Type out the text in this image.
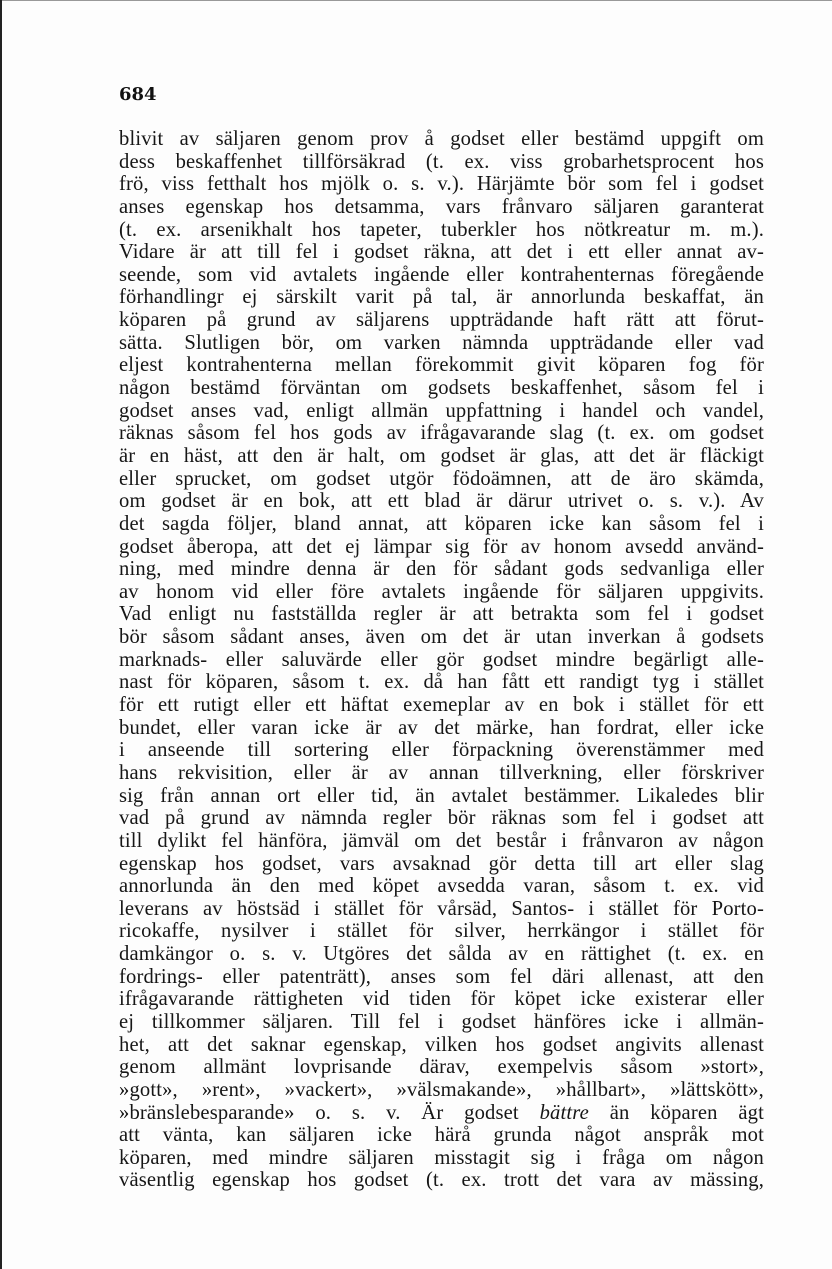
684
blivit av säljaren genom prov å godset eller bestämd uppgift om
dess beskaffenhet tillförsäkrad (t. ex. viss grobarhetsprocent hos
frö, viss fetthalt hos mjölk o. s. v.). Härjämte bör som fel i godset
anses egenskap hos detsamma, vars frånvaro säljaren garanterat
(t. ex. arsenikhalt hos tapeter, tuberkler hos nötkreatur m. m.).
Vidare är att till fel i godset räkna, att det i ett eller annat av-
seende, som vid avtalets ingående eller kontrahenternas föregående
förhandlingr ej särskilt varit på tal, är annorlunda beskaffat, än
köparen på grund av säljarens uppträdande haft rätt att förut-
sätta. Slutligen bör, om varken nämnda uppträdande eller vad
eljest kontrahenterna mellan förekommit givit köparen fog för
någon bestämd förväntan om godsets beskaffenhet, såsom fel i
godset anses vad, enligt allmän uppfattning i handel och vandel,
räknas såsom fel hos gods av ifrågavarande slag (t. ex. om godset
är en häst, att den är halt, om godset är glas, att det är fläckigt
eller sprucket, om godset utgör födoämnen, att de äro skämda,
om godset är en bok, att ett blad är därur utrivet o. s. v.). Av
det sagda följer, bland annat, att köparen icke kan såsom fel i
godset åberopa, att det ej lämpar sig för av honom avsedd använd-
ning, med mindre denna är den för sådant gods sedvanliga eller
av honom vid eller före avtalets ingående för säljaren uppgivits.
Vad enligt nu fastställda regler är att betrakta som fel i godset
bör såsom sådant anses, även om det är utan inverkan å godsets
marknads- eller saluvärde eller gör godset mindre begärligt alle-
nast för köparen, såsom t. ex. då han fått ett randigt tyg i stället
för ett rutigt eller ett häftat exemeplar av en bok i stället för ett
bundet, eller varan icke är av det märke, han fordrat, eller icke
i anseende till sortering eller förpackning överenstämmer med
hans rekvisition, eller är av annan tillverkning, eller förskriver
sig från annan ort eller tid, än avtalet bestämmer. Likaledes blir
vad på grund av nämnda regler bör räknas som fel i godset att
till dylikt fel hänföra, jämväl om det består i frånvaron av någon
egenskap hos godset, vars avsaknad gör detta till art eller slag
annorlunda än den med köpet avsedda varan, såsom t. ex. vid
leverans av höstsäd i stället för vårsäd, Santos- i stället för Porto-
ricokaffe, nysilver i stället för silver, herrkängor i stället för
damkängor o. s. v. Utgöres det sålda av en rättighet (t. ex. en
fordrings- eller patenträtt), anses som fel däri allenast, att den
ifrågavarande rättigheten vid tiden för köpet icke existerar eller
ej tillkommer säljaren. Till fel i godset hänföres icke i allmän-
het, att det saknar egenskap, vilken hos godset angivits allenast
genom allmänt lovprisande därav, exempelvis såsom »stort»,
»gott», »rent», »vackert», »välsmakande», »hållbart», »lättskött»,
»bränslebesparande» o. s. v. Är godset bättre än köparen ägt
att vänta, kan säljaren icke härå grunda något anspråk mot
köparen, med mindre säljaren misstagit sig i fråga om någon
väsentlig egenskap hos godset (t. ex. trott det vara av mässing,
